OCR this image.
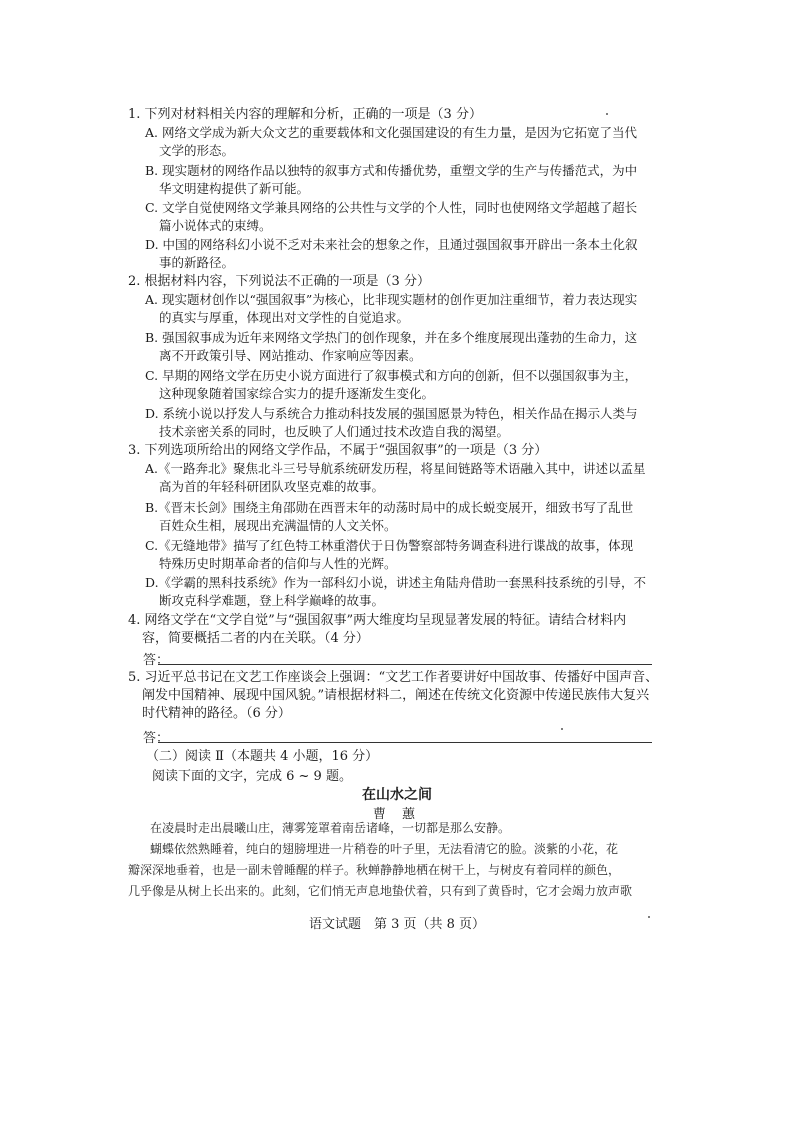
1. 下列对材料相关内容的理解和分析，正确的一项是（3 分）
A. 网络文学成为新大众文艺的重要载体和文化强国建设的有生力量，是因为它拓宽了当代
文学的形态。
B. 现实题材的网络作品以独特的叙事方式和传播优势，重塑文学的生产与传播范式，为中
华文明建构提供了新可能。
C. 文学自觉使网络文学兼具网络的公共性与文学的个人性，同时也使网络文学超越了超长
篇小说体式的束缚。
D. 中国的网络科幻小说不乏对未来社会的想象之作，且通过强国叙事开辟出一条本土化叙
事的新路径。
2. 根据材料内容，下列说法不正确的一项是（3 分）
A. 现实题材创作以“强国叙事”为核心，比非现实题材的创作更加注重细节，着力表达现实
的真实与厚重，体现出对文学性的自觉追求。
B. 强国叙事成为近年来网络文学热门的创作现象，并在多个维度展现出蓬勃的生命力，这
离不开政策引导、网站推动、作家响应等因素。
C. 早期的网络文学在历史小说方面进行了叙事模式和方向的创新，但不以强国叙事为主，
这种现象随着国家综合实力的提升逐渐发生变化。
D. 系统小说以抒发人与系统合力推动科技发展的强国愿景为特色，相关作品在揭示人类与
技术亲密关系的同时，也反映了人们通过技术改造自我的渴望。
3. 下列选项所给出的网络文学作品，不属于“强国叙事”的一项是（3 分）
A.《一路奔北》聚焦北斗三号导航系统研发历程，将星间链路等术语融入其中，讲述以孟星
高为首的年轻科研团队攻坚克难的故事。
B.《晋末长剑》围绕主角邵勋在西晋末年的动荡时局中的成长蜕变展开，细致书写了乱世
百姓众生相，展现出充满温情的人文关怀。
C.《无缝地带》描写了红色特工林重潜伏于日伪警察部特务调查科进行谍战的故事，体现
特殊历史时期革命者的信仰与人性的光辉。
D.《学霸的黑科技系统》作为一部科幻小说，讲述主角陆舟借助一套黑科技系统的引导，不
断攻克科学难题，登上科学巅峰的故事。
4. 网络文学在“文学自觉”与“强国叙事”两大维度均呈现显著发展的特征。请结合材料内
容，简要概括二者的内在关联。（4 分）
答：
5. 习近平总书记在文艺工作座谈会上强调：“文艺工作者要讲好中国故事、传播好中国声音、
阐发中国精神、展现中国风貌。”请根据材料二，阐述在传统文化资源中传递民族伟大复兴
时代精神的路径。（6 分）
答：
（二）阅读 Ⅱ（本题共 4 小题，16 分）
阅读下面的文字，完成 6 ~ 9 题。
在山水之间
曹 蕙
在凌晨时走出晨曦山庄，薄雾笼罩着南岳诸峰，一切都是那么安静。
蝴蝶依然熟睡着，纯白的翅膀埋进一片稍卷的叶子里，无法看清它的脸。淡紫的小花，花
瓣深深地垂着，也是一副未曾睡醒的样子。秋蝉静静地栖在树干上，与树皮有着同样的颜色，
几乎像是从树上长出来的。此刻，它们悄无声息地蛰伏着，只有到了黄昏时，它才会竭力放声歌
语文试题　第 3 页（共 8 页）
